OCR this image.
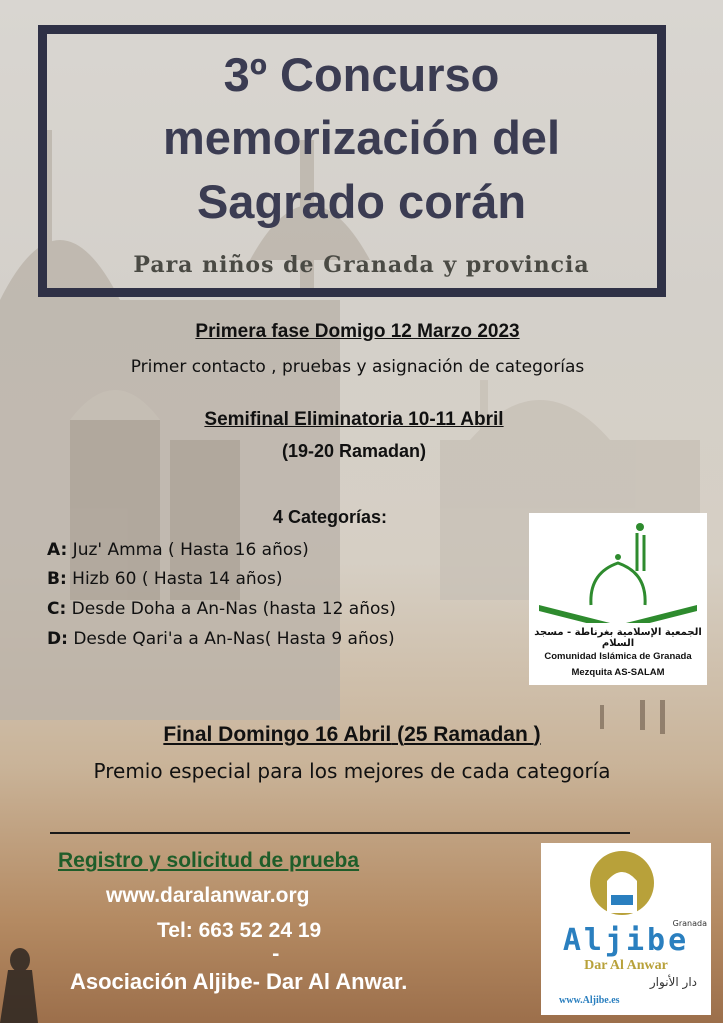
3º Concurso
memorización del
Sagrado corán
Para niños de Granada y provincia
Primera fase Domigo 12 Marzo 2023
Primer contacto , pruebas y asignación de categorías
Semifinal Eliminatoria 10-11 Abril
(19-20 Ramadan)
4 Categorías:
A: Juz' Amma ( Hasta 16 años)
B: Hizb 60 ( Hasta 14 años)
C: Desde Doha a An-Nas (hasta 12 años)
D: Desde Qari'a a An-Nas( Hasta 9 años)	الجمعية الإسلامية بغرناطة - مسجد السلام
Comunidad Islámica de Granada
Mezquita AS-SALAM
Final Domingo 16 Abril (25 Ramadan )
Premio especial para los mejores de cada categoría
Registro y solicitud de prueba
www.daralanwar.org
Tel: 663 52 24 19
-
Asociación Aljibe- Dar Al Anwar.
Granada
Aljibe
Dar Al Anwar
دار الأنوار
www.Aljibe.es
